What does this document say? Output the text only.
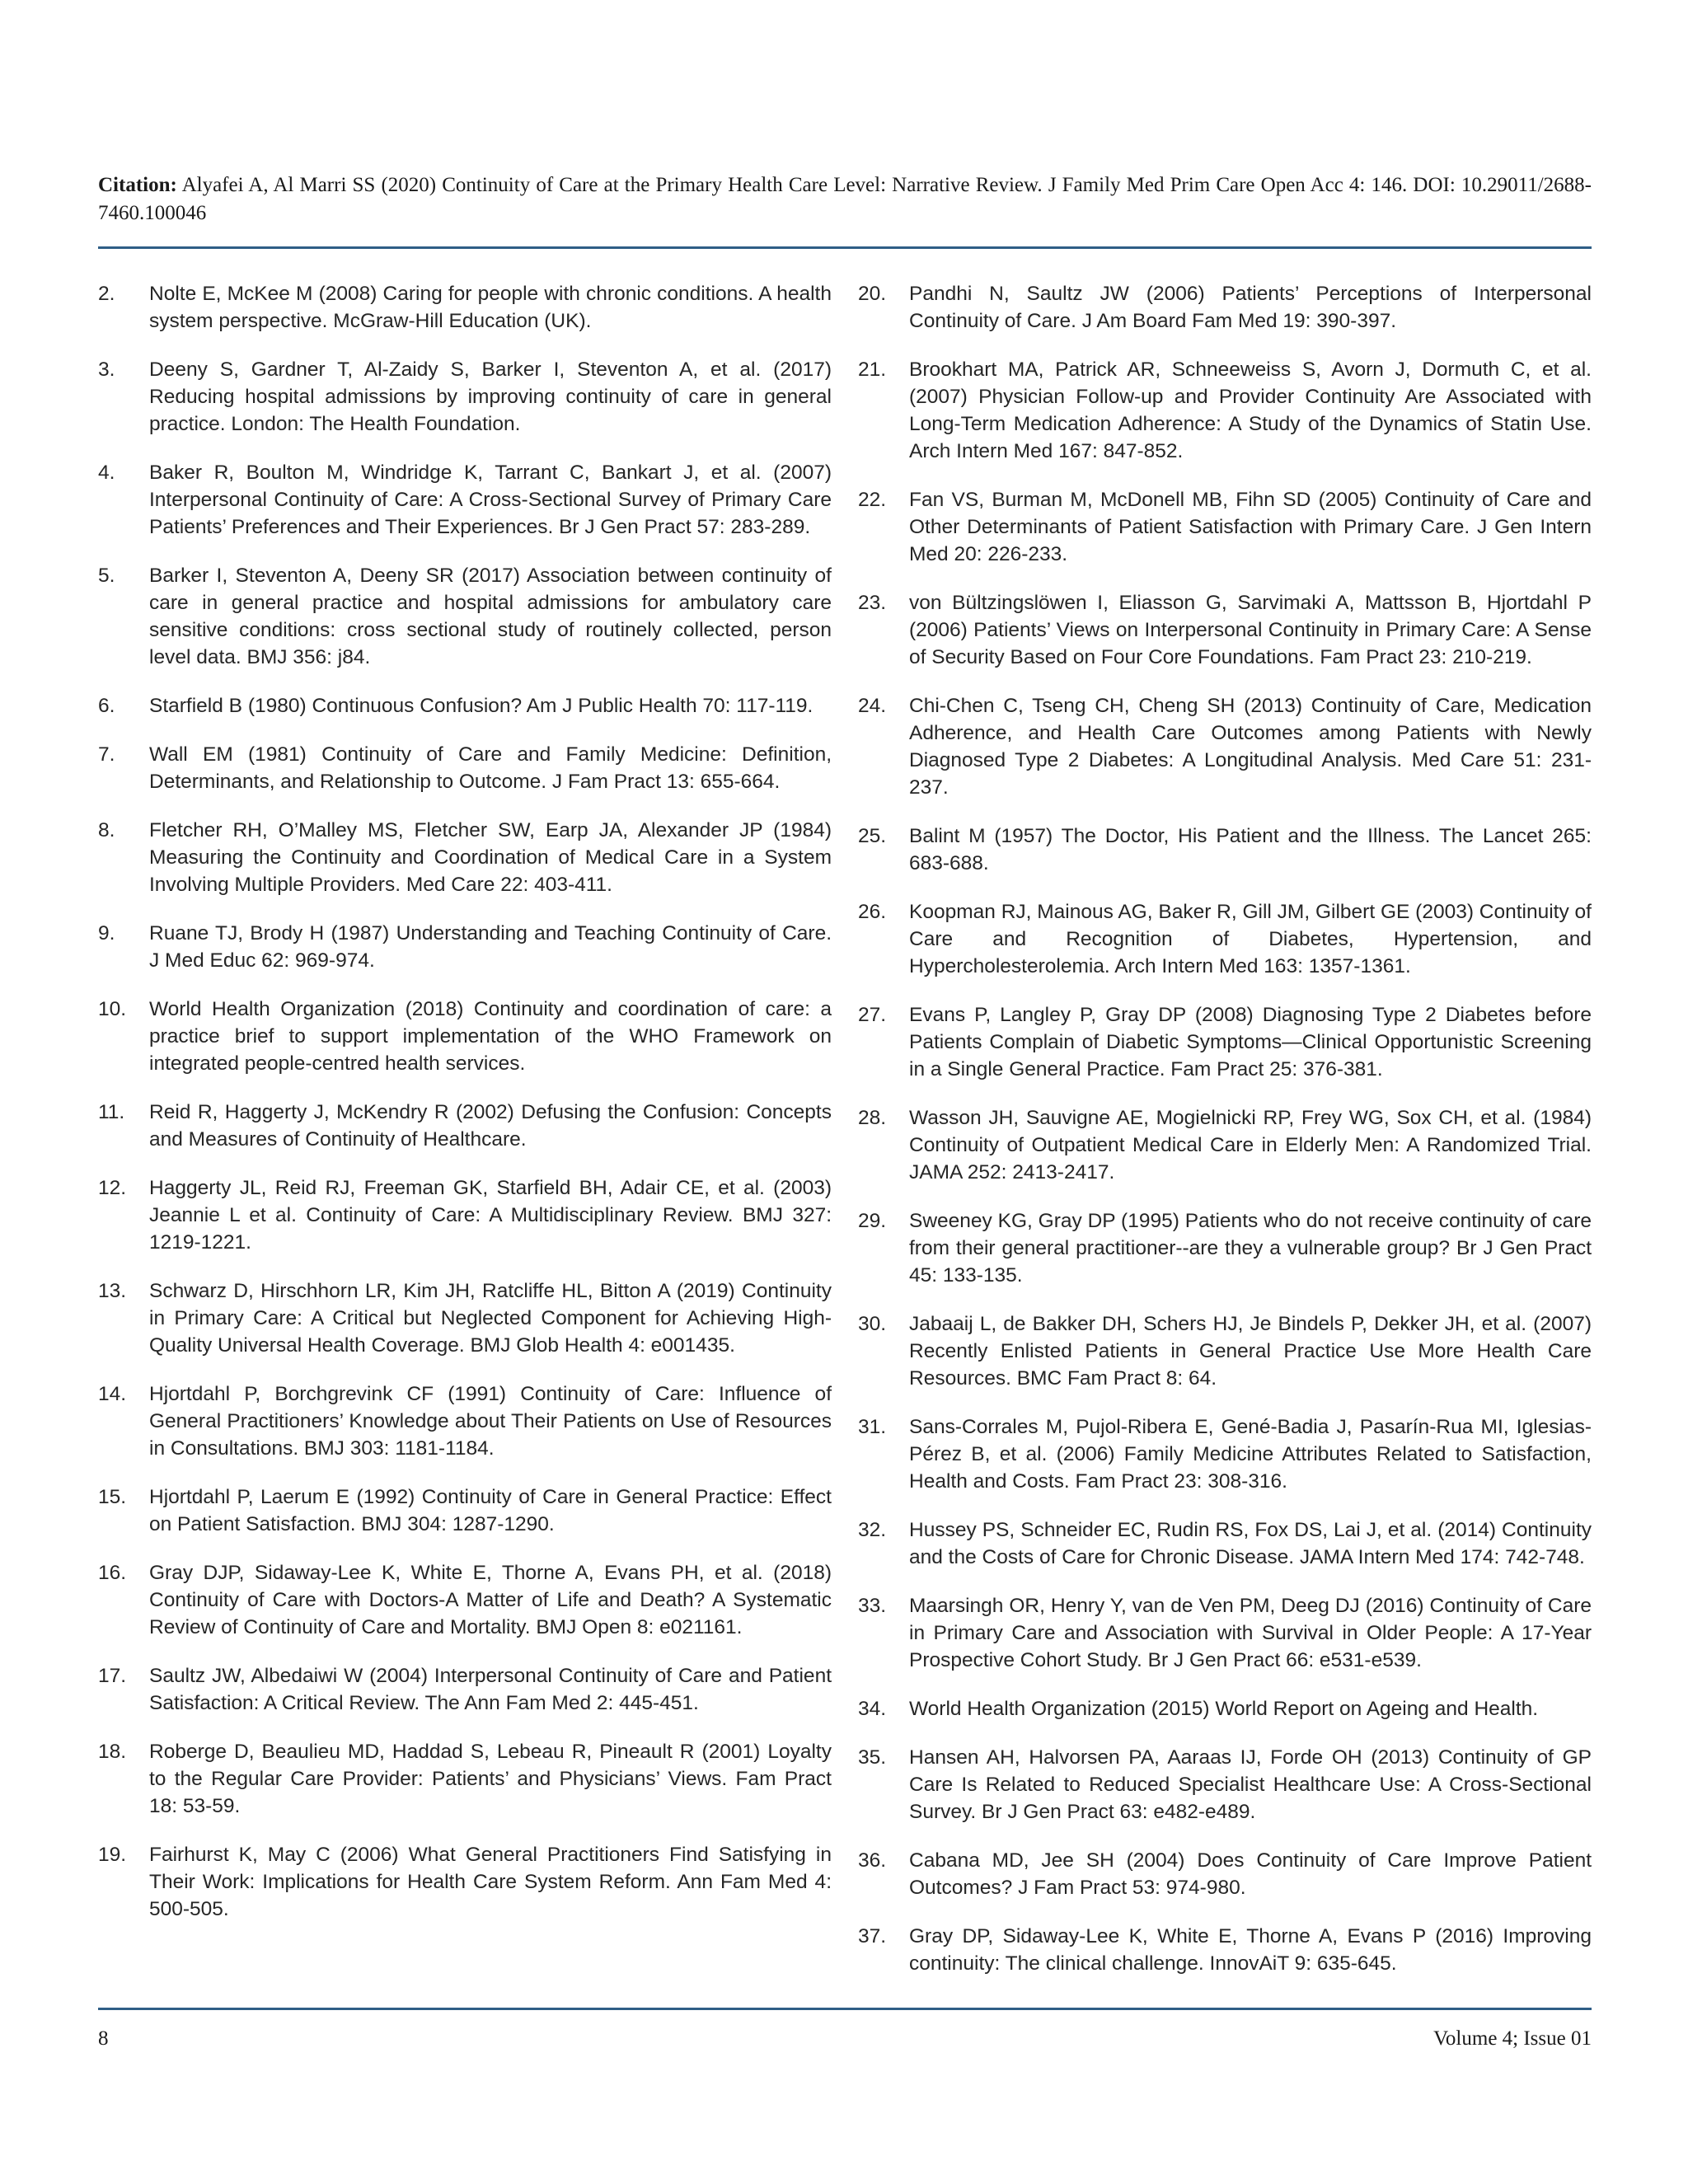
Citation: Alyafei A, Al Marri SS (2020) Continuity of Care at the Primary Health Care Level: Narrative Review. J Family Med Prim Care Open Acc 4: 146. DOI: 10.29011/2688-7460.100046
2. Nolte E, McKee M (2008) Caring for people with chronic conditions. A health system perspective. McGraw-Hill Education (UK).
3. Deeny S, Gardner T, Al-Zaidy S, Barker I, Steventon A, et al. (2017) Reducing hospital admissions by improving continuity of care in general practice. London: The Health Foundation.
4. Baker R, Boulton M, Windridge K, Tarrant C, Bankart J, et al. (2007) Interpersonal Continuity of Care: A Cross-Sectional Survey of Primary Care Patients’ Preferences and Their Experiences. Br J Gen Pract 57: 283-289.
5. Barker I, Steventon A, Deeny SR (2017) Association between continuity of care in general practice and hospital admissions for ambulatory care sensitive conditions: cross sectional study of routinely collected, person level data. BMJ 356: j84.
6. Starfield B (1980) Continuous Confusion? Am J Public Health 70: 117-119.
7. Wall EM (1981) Continuity of Care and Family Medicine: Definition, Determinants, and Relationship to Outcome. J Fam Pract 13: 655-664.
8. Fletcher RH, O’Malley MS, Fletcher SW, Earp JA, Alexander JP (1984) Measuring the Continuity and Coordination of Medical Care in a System Involving Multiple Providers. Med Care 22: 403-411.
9. Ruane TJ, Brody H (1987) Understanding and Teaching Continuity of Care. J Med Educ 62: 969-974.
10. World Health Organization (2018) Continuity and coordination of care: a practice brief to support implementation of the WHO Framework on integrated people-centred health services.
11. Reid R, Haggerty J, McKendry R (2002) Defusing the Confusion: Concepts and Measures of Continuity of Healthcare.
12. Haggerty JL, Reid RJ, Freeman GK, Starfield BH, Adair CE, et al. (2003) Jeannie L et al. Continuity of Care: A Multidisciplinary Review. BMJ 327: 1219-1221.
13. Schwarz D, Hirschhorn LR, Kim JH, Ratcliffe HL, Bitton A (2019) Continuity in Primary Care: A Critical but Neglected Component for Achieving High-Quality Universal Health Coverage. BMJ Glob Health 4: e001435.
14. Hjortdahl P, Borchgrevink CF (1991) Continuity of Care: Influence of General Practitioners’ Knowledge about Their Patients on Use of Resources in Consultations. BMJ 303: 1181-1184.
15. Hjortdahl P, Laerum E (1992) Continuity of Care in General Practice: Effect on Patient Satisfaction. BMJ 304: 1287-1290.
16. Gray DJP, Sidaway-Lee K, White E, Thorne A, Evans PH, et al. (2018) Continuity of Care with Doctors-A Matter of Life and Death? A Systematic Review of Continuity of Care and Mortality. BMJ Open 8: e021161.
17. Saultz JW, Albedaiwi W (2004) Interpersonal Continuity of Care and Patient Satisfaction: A Critical Review. The Ann Fam Med 2: 445-451.
18. Roberge D, Beaulieu MD, Haddad S, Lebeau R, Pineault R (2001) Loyalty to the Regular Care Provider: Patients’ and Physicians’ Views. Fam Pract 18: 53-59.
19. Fairhurst K, May C (2006) What General Practitioners Find Satisfying in Their Work: Implications for Health Care System Reform. Ann Fam Med 4: 500-505.
20. Pandhi N, Saultz JW (2006) Patients’ Perceptions of Interpersonal Continuity of Care. J Am Board Fam Med 19: 390-397.
21. Brookhart MA, Patrick AR, Schneeweiss S, Avorn J, Dormuth C, et al. (2007) Physician Follow-up and Provider Continuity Are Associated with Long-Term Medication Adherence: A Study of the Dynamics of Statin Use. Arch Intern Med 167: 847-852.
22. Fan VS, Burman M, McDonell MB, Fihn SD (2005) Continuity of Care and Other Determinants of Patient Satisfaction with Primary Care. J Gen Intern Med 20: 226-233.
23. von Bültzingslöwen I, Eliasson G, Sarvimaki A, Mattsson B, Hjortdahl P (2006) Patients’ Views on Interpersonal Continuity in Primary Care: A Sense of Security Based on Four Core Foundations. Fam Pract 23: 210-219.
24. Chi-Chen C, Tseng CH, Cheng SH (2013) Continuity of Care, Medication Adherence, and Health Care Outcomes among Patients with Newly Diagnosed Type 2 Diabetes: A Longitudinal Analysis. Med Care 51: 231-237.
25. Balint M (1957) The Doctor, His Patient and the Illness. The Lancet 265: 683-688.
26. Koopman RJ, Mainous AG, Baker R, Gill JM, Gilbert GE (2003) Continuity of Care and Recognition of Diabetes, Hypertension, and Hypercholesterolemia. Arch Intern Med 163: 1357-1361.
27. Evans P, Langley P, Gray DP (2008) Diagnosing Type 2 Diabetes before Patients Complain of Diabetic Symptoms—Clinical Opportunistic Screening in a Single General Practice. Fam Pract 25: 376-381.
28. Wasson JH, Sauvigne AE, Mogielnicki RP, Frey WG, Sox CH, et al. (1984) Continuity of Outpatient Medical Care in Elderly Men: A Randomized Trial. JAMA 252: 2413-2417.
29. Sweeney KG, Gray DP (1995) Patients who do not receive continuity of care from their general practitioner--are they a vulnerable group? Br J Gen Pract 45: 133-135.
30. Jabaaij L, de Bakker DH, Schers HJ, Je Bindels P, Dekker JH, et al. (2007) Recently Enlisted Patients in General Practice Use More Health Care Resources. BMC Fam Pract 8: 64.
31. Sans-Corrales M, Pujol-Ribera E, Gené-Badia J, Pasarín-Rua MI, Iglesias-Pérez B, et al. (2006) Family Medicine Attributes Related to Satisfaction, Health and Costs. Fam Pract 23: 308-316.
32. Hussey PS, Schneider EC, Rudin RS, Fox DS, Lai J, et al. (2014) Continuity and the Costs of Care for Chronic Disease. JAMA Intern Med 174: 742-748.
33. Maarsingh OR, Henry Y, van de Ven PM, Deeg DJ (2016) Continuity of Care in Primary Care and Association with Survival in Older People: A 17-Year Prospective Cohort Study. Br J Gen Pract 66: e531-e539.
34. World Health Organization (2015) World Report on Ageing and Health.
35. Hansen AH, Halvorsen PA, Aaraas IJ, Forde OH (2013) Continuity of GP Care Is Related to Reduced Specialist Healthcare Use: A Cross-Sectional Survey. Br J Gen Pract 63: e482-e489.
36. Cabana MD, Jee SH (2004) Does Continuity of Care Improve Patient Outcomes? J Fam Pract 53: 974-980.
37. Gray DP, Sidaway-Lee K, White E, Thorne A, Evans P (2016) Improving continuity: The clinical challenge. InnovAiT 9: 635-645.
8	Volume 4; Issue 01
